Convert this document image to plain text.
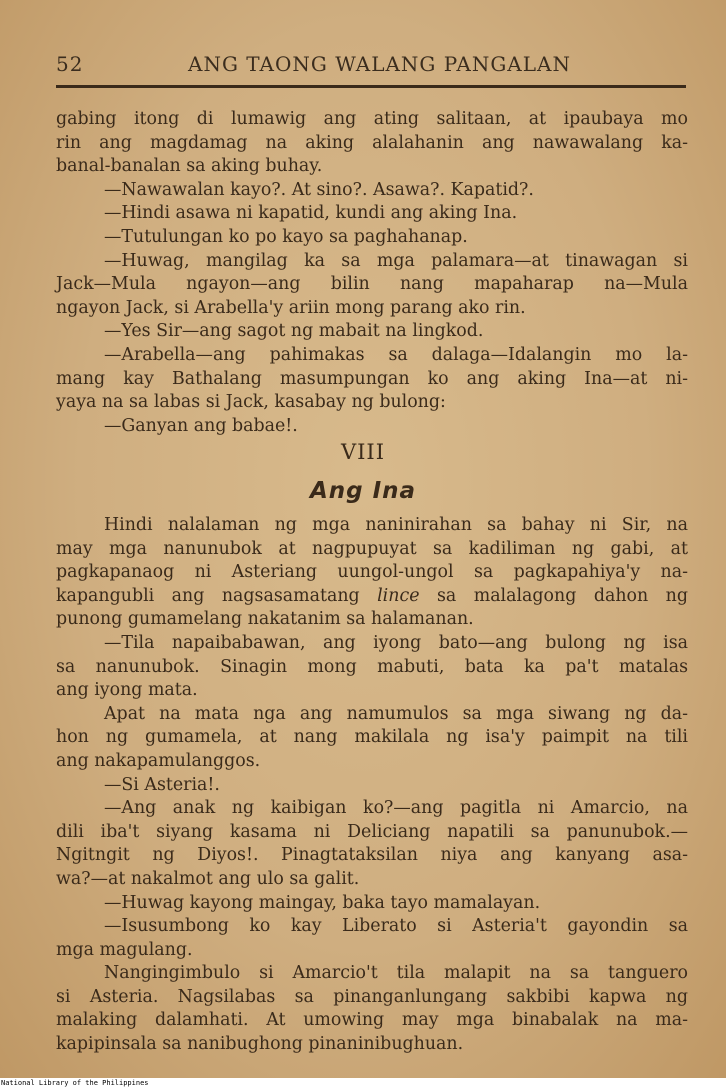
52	ANG TAONG WALANG PANGALAN
gabing itong di lumawig ang ating salitaan, at ipaubaya mo
rin ang magdamag na aking alalahanin ang nawawalang ka-
banal-banalan sa aking buhay.
—Nawawalan kayo?. At sino?. Asawa?. Kapatid?.
—Hindi asawa ni kapatid, kundi ang aking Ina.
—Tutulungan ko po kayo sa paghahanap.
—Huwag, mangilag ka sa mga palamara—at tinawagan si
Jack—Mula ngayon—ang bilin nang mapaharap na—Mula
ngayon Jack, si Arabella'y ariin mong parang ako rin.
—Yes Sir—ang sagot ng mabait na lingkod.
—Arabella—ang pahimakas sa dalaga—Idalangin mo la-
mang kay Bathalang masumpungan ko ang aking Ina—at ni-
yaya na sa labas si Jack, kasabay ng bulong:
—Ganyan ang babae!.
VIII
Ang Ina
Hindi nalalaman ng mga naninirahan sa bahay ni Sir, na
may mga nanunubok at nagpupuyat sa kadiliman ng gabi, at
pagkapanaog ni Asteriang uungol-ungol sa pagkapahiya'y na-
kapangubli ang nagsasamatang lince sa malalagong dahon ng
punong gumamelang nakatanim sa halamanan.
—Tila napaibabawan, ang iyong bato—ang bulong ng isa
sa nanunubok. Sinagin mong mabuti, bata ka pa't matalas
ang iyong mata.
Apat na mata nga ang namumulos sa mga siwang ng da-
hon ng gumamela, at nang makilala ng isa'y paimpit na tili
ang nakapamulanggos.
—Si Asteria!.
—Ang anak ng kaibigan ko?—ang pagitla ni Amarcio, na
dili iba't siyang kasama ni Deliciang napatili sa panunubok.—
Ngitngit ng Diyos!. Pinagtataksilan niya ang kanyang asa-
wa?—at nakalmot ang ulo sa galit.
—Huwag kayong maingay, baka tayo mamalayan.
—Isusumbong ko kay Liberato si Asteria't gayondin sa
mga magulang.
Nangingimbulo si Amarcio't tila malapit na sa tanguero
si Asteria. Nagsilabas sa pinanganlungang sakbibi kapwa ng
malaking dalamhati. At umowing may mga binabalak na ma-
kapipinsala sa nanibughong pinaninibughuan.
National Library of the Philippines
